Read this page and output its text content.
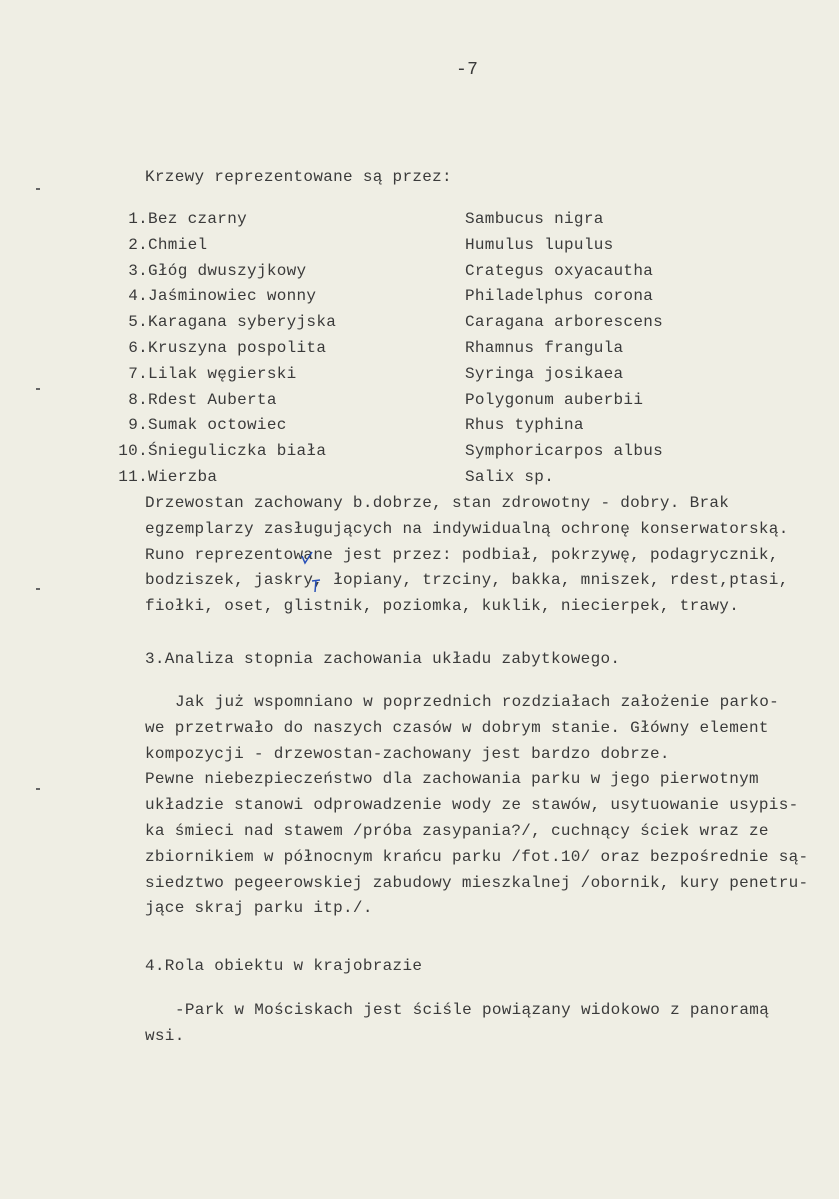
-7
Krzewy reprezentowane są przez:
1. Bez czarny	Sambucus nigra
2. Chmiel	Humulus lupulus
3. Głóg dwuszyjkowy	Crategus oxyacautha
4. Jaśminowiec wonny	Philadelphus corona
5. Karagana syberyjska	Caragana arborescens
6. Kruszyna pospolita	Rhamnus frangula
7. Lilak węgierski	Syringa josikaea
8. Rdest Auberta	Polygonum auberbii
9. Sumak octowiec	Rhus typhina
10. Śnieguliczka biała	Symphoricarpos albus
11. Wierzba	Salix sp.
Drzewostan zachowany b.dobrze, stan zdrowotny - dobry. Brak
egzemplarzy zasługujących na indywidualną ochronę konserwatorską.
Runo reprezentowane jest przez: podbiał, pokrzywę, podagrycznik,
bodziszek, jaskry, łopiany, trzciny, bakka, mniszek, rdest,ptasi,
fiołki, oset, glistnik, poziomka, kuklik, niecierpek, trawy.
3.Analiza stopnia zachowania układu zabytkowego.
Jak już wspomniano w poprzednich rozdziałach założenie parko-
we przetrwało do naszych czasów w dobrym stanie. Główny element
kompozycji - drzewostan-zachowany jest bardzo dobrze.
Pewne niebezpieczeństwo dla zachowania parku w jego pierwotnym
układzie stanowi odprowadzenie wody ze stawów, usytuowanie usypis-
ka śmieci nad stawem /próba zasypania?/, cuchnący ściek wraz ze
zbiornikiem w północnym krańcu parku /fot.10/ oraz bezpośrednie są-
siedztwo pegeerowskiej zabudowy mieszkalnej /obornik, kury penetru-
jące skraj parku itp./.
4.Rola obiektu w krajobrazie
-Park w Mościskach jest ściśle powiązany widokowo z panoramą
wsi.
